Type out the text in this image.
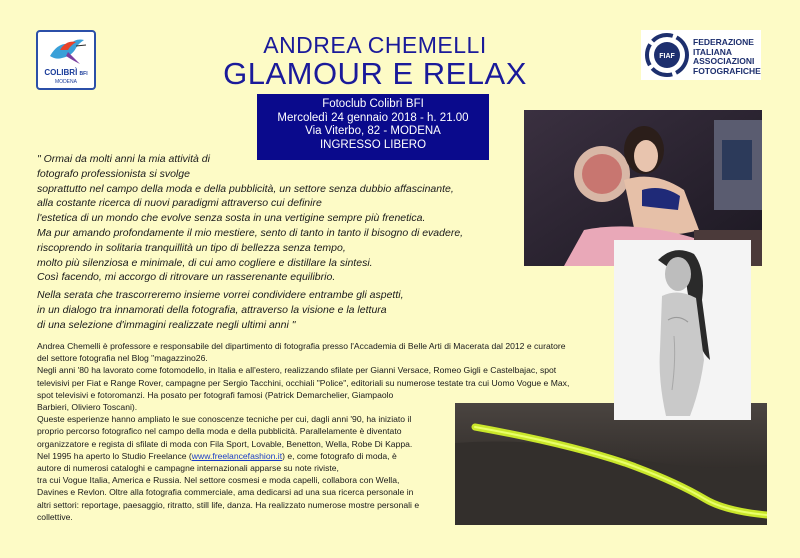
COLIBRÌ BFI
MODENA
FIAF
FEDERAZIONE
ITALIANA
ASSOCIAZIONI
FOTOGRAFICHE
ANDREA CHEMELLI
GLAMOUR E RELAX
Fotoclub Colibrì BFI
Mercoledì 24 gennaio 2018 - h. 21.00
Via Viterbo, 82 - MODENA
INGRESSO LIBERO
" Ormai da molti anni la mia attività di
fotografo professionista si svolge
soprattutto nel campo della moda e della pubblicità, un settore senza dubbio affascinante,
alla costante ricerca di nuovi paradigmi attraverso cui definire
l'estetica di un mondo che evolve senza sosta in una vertigine sempre più frenetica.
Ma pur amando profondamente il mio mestiere, sento di tanto in tanto il bisogno di evadere,
riscoprendo in solitaria tranquillità un tipo di bellezza senza tempo,
molto più silenziosa e minimale, di cui amo cogliere e distillare la sintesi.
Così facendo, mi accorgo di ritrovare un rasserenante equilibrio.
Nella serata che trascorreremo insieme vorrei condividere entrambe gli aspetti,
in un dialogo tra innamorati della fotografia, attraverso la visione e la lettura
di una selezione d'immagini realizzate negli ultimi anni "
Andrea Chemelli è professore e responsabile del dipartimento di fotografia presso l'Accademia di Belle Arti di Macerata dal 2012 e curatore
del settore fotografia nel Blog "magazzino26.
Negli anni '80 ha lavorato come fotomodello, in Italia e all'estero, realizzando sfilate per Gianni Versace, Romeo Gigli e Castelbajac, spot
televisivi per Fiat e Range Rover, campagne per Sergio Tacchini, occhiali "Police", editoriali su numerose testate tra cui Uomo Vogue e Max,
spot televisivi e fotoromanzi. Ha posato per fotografi famosi (Patrick Demarchelier, Giampaolo
Barbieri, Oliviero Toscani).
Queste esperienze hanno ampliato le sue conoscenze tecniche per cui, dagli anni '90, ha iniziato il
proprio percorso fotografico nel campo della moda e della pubblicità. Parallelamente è diventato
organizzatore e regista di sfilate di moda con Fila Sport, Lovable, Benetton, Wella, Robe Di Kappa.
Nel 1995 ha aperto lo Studio Freelance (www.freelancefashion.it) e, come fotografo di moda, è
autore di numerosi cataloghi e campagne internazionali apparse su note riviste,
tra cui Vogue Italia, America e Russia. Nel settore cosmesi e moda capelli, collabora con Wella,
Davines e Revlon. Oltre alla fotografia commerciale, ama dedicarsi ad una sua ricerca personale in
altri settori: reportage, paesaggio, ritratto, still life, danza. Ha realizzato numerose mostre personali e
collettive.
